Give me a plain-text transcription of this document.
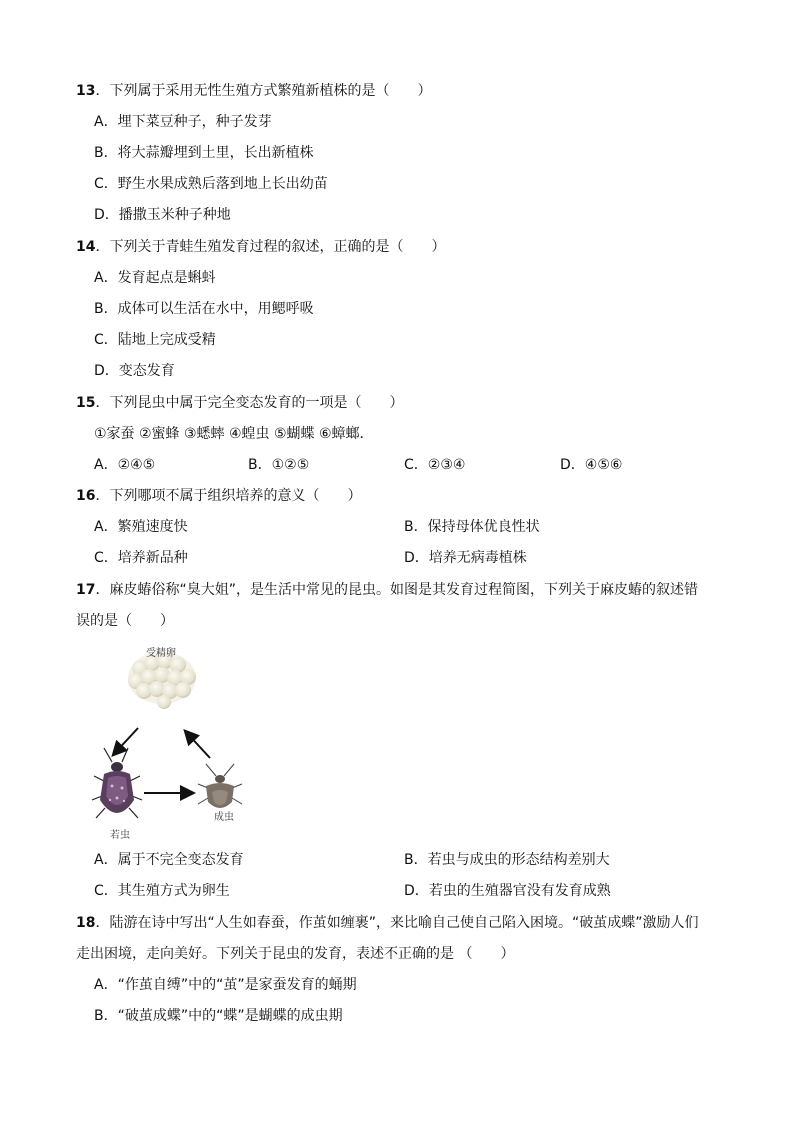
13．下列属于采用无性生殖方式繁殖新植株的是（　　）
A．埋下菜豆种子，种子发芽
B．将大蒜瓣埋到土里，长出新植株
C．野生水果成熟后落到地上长出幼苗
D．播撒玉米种子种地
14．下列关于青蛙生殖发育过程的叙述，正确的是（　　）
A．发育起点是蝌蚪
B．成体可以生活在水中，用鳃呼吸
C．陆地上完成受精
D．变态发育
15．下列昆虫中属于完全变态发育的一项是（　　）
①家蚕 ②蜜蜂 ③蟋蟀 ④蝗虫 ⑤蝴蝶 ⑥蟑螂．
A．②④⑤	B．①②⑤	C．②③④	D．④⑤⑥
16．下列哪项不属于组织培养的意义（　　）
A．繁殖速度快	B．保持母体优良性状
C．培养新品种	D．培养无病毒植株
17．麻皮蝽俗称“臭大姐”，是生活中常见的昆虫。如图是其发育过程简图，下列关于麻皮蝽的叙述错
误的是（　　）
受精卵
若虫
成虫
A．属于不完全变态发育	B．若虫与成虫的形态结构差别大
C．其生殖方式为卵生	D．若虫的生殖器官没有发育成熟
18．陆游在诗中写出“人生如春蚕，作茧如缠裹”，来比喻自己使自己陷入困境。“破茧成蝶”激励人们
走出困境，走向美好。下列关于昆虫的发育，表述不正确的是 （　　）
A．“作茧自缚”中的“茧”是家蚕发育的蛹期
B．“破茧成蝶”中的“蝶”是蝴蝶的成虫期
